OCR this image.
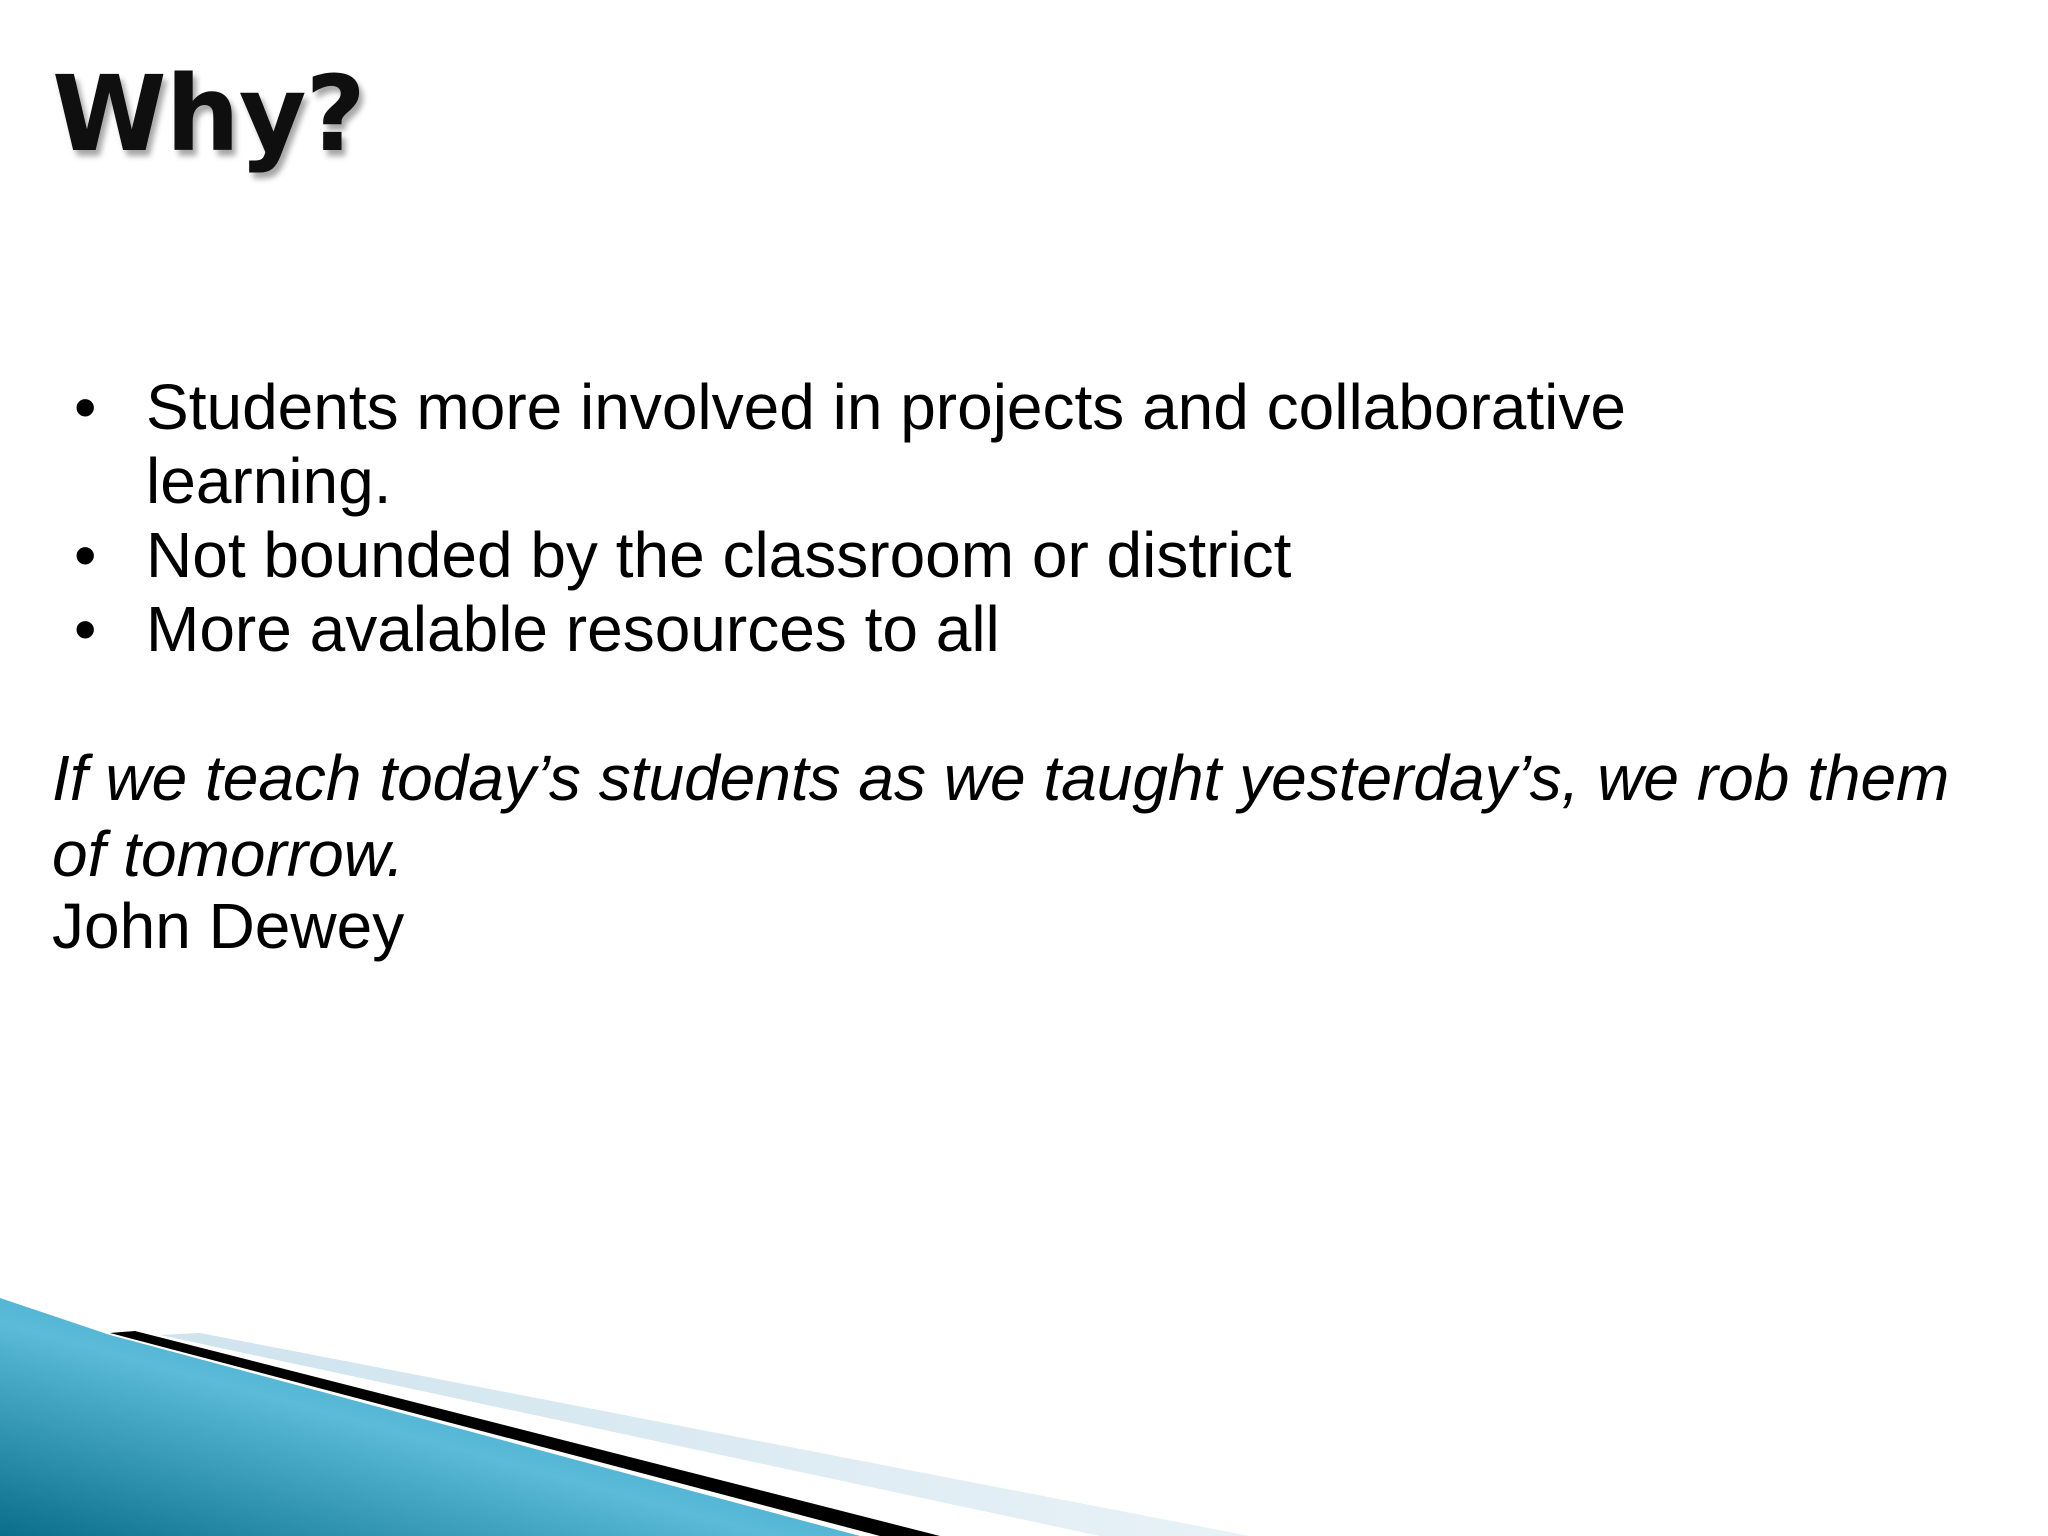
Why?
• Students more involved in projects and collaborative learning.
• Not bounded by the classroom or district
• More avalable resources to all

If we teach today’s students as we taught yesterday’s, we rob them of tomorrow.

John Dewey
